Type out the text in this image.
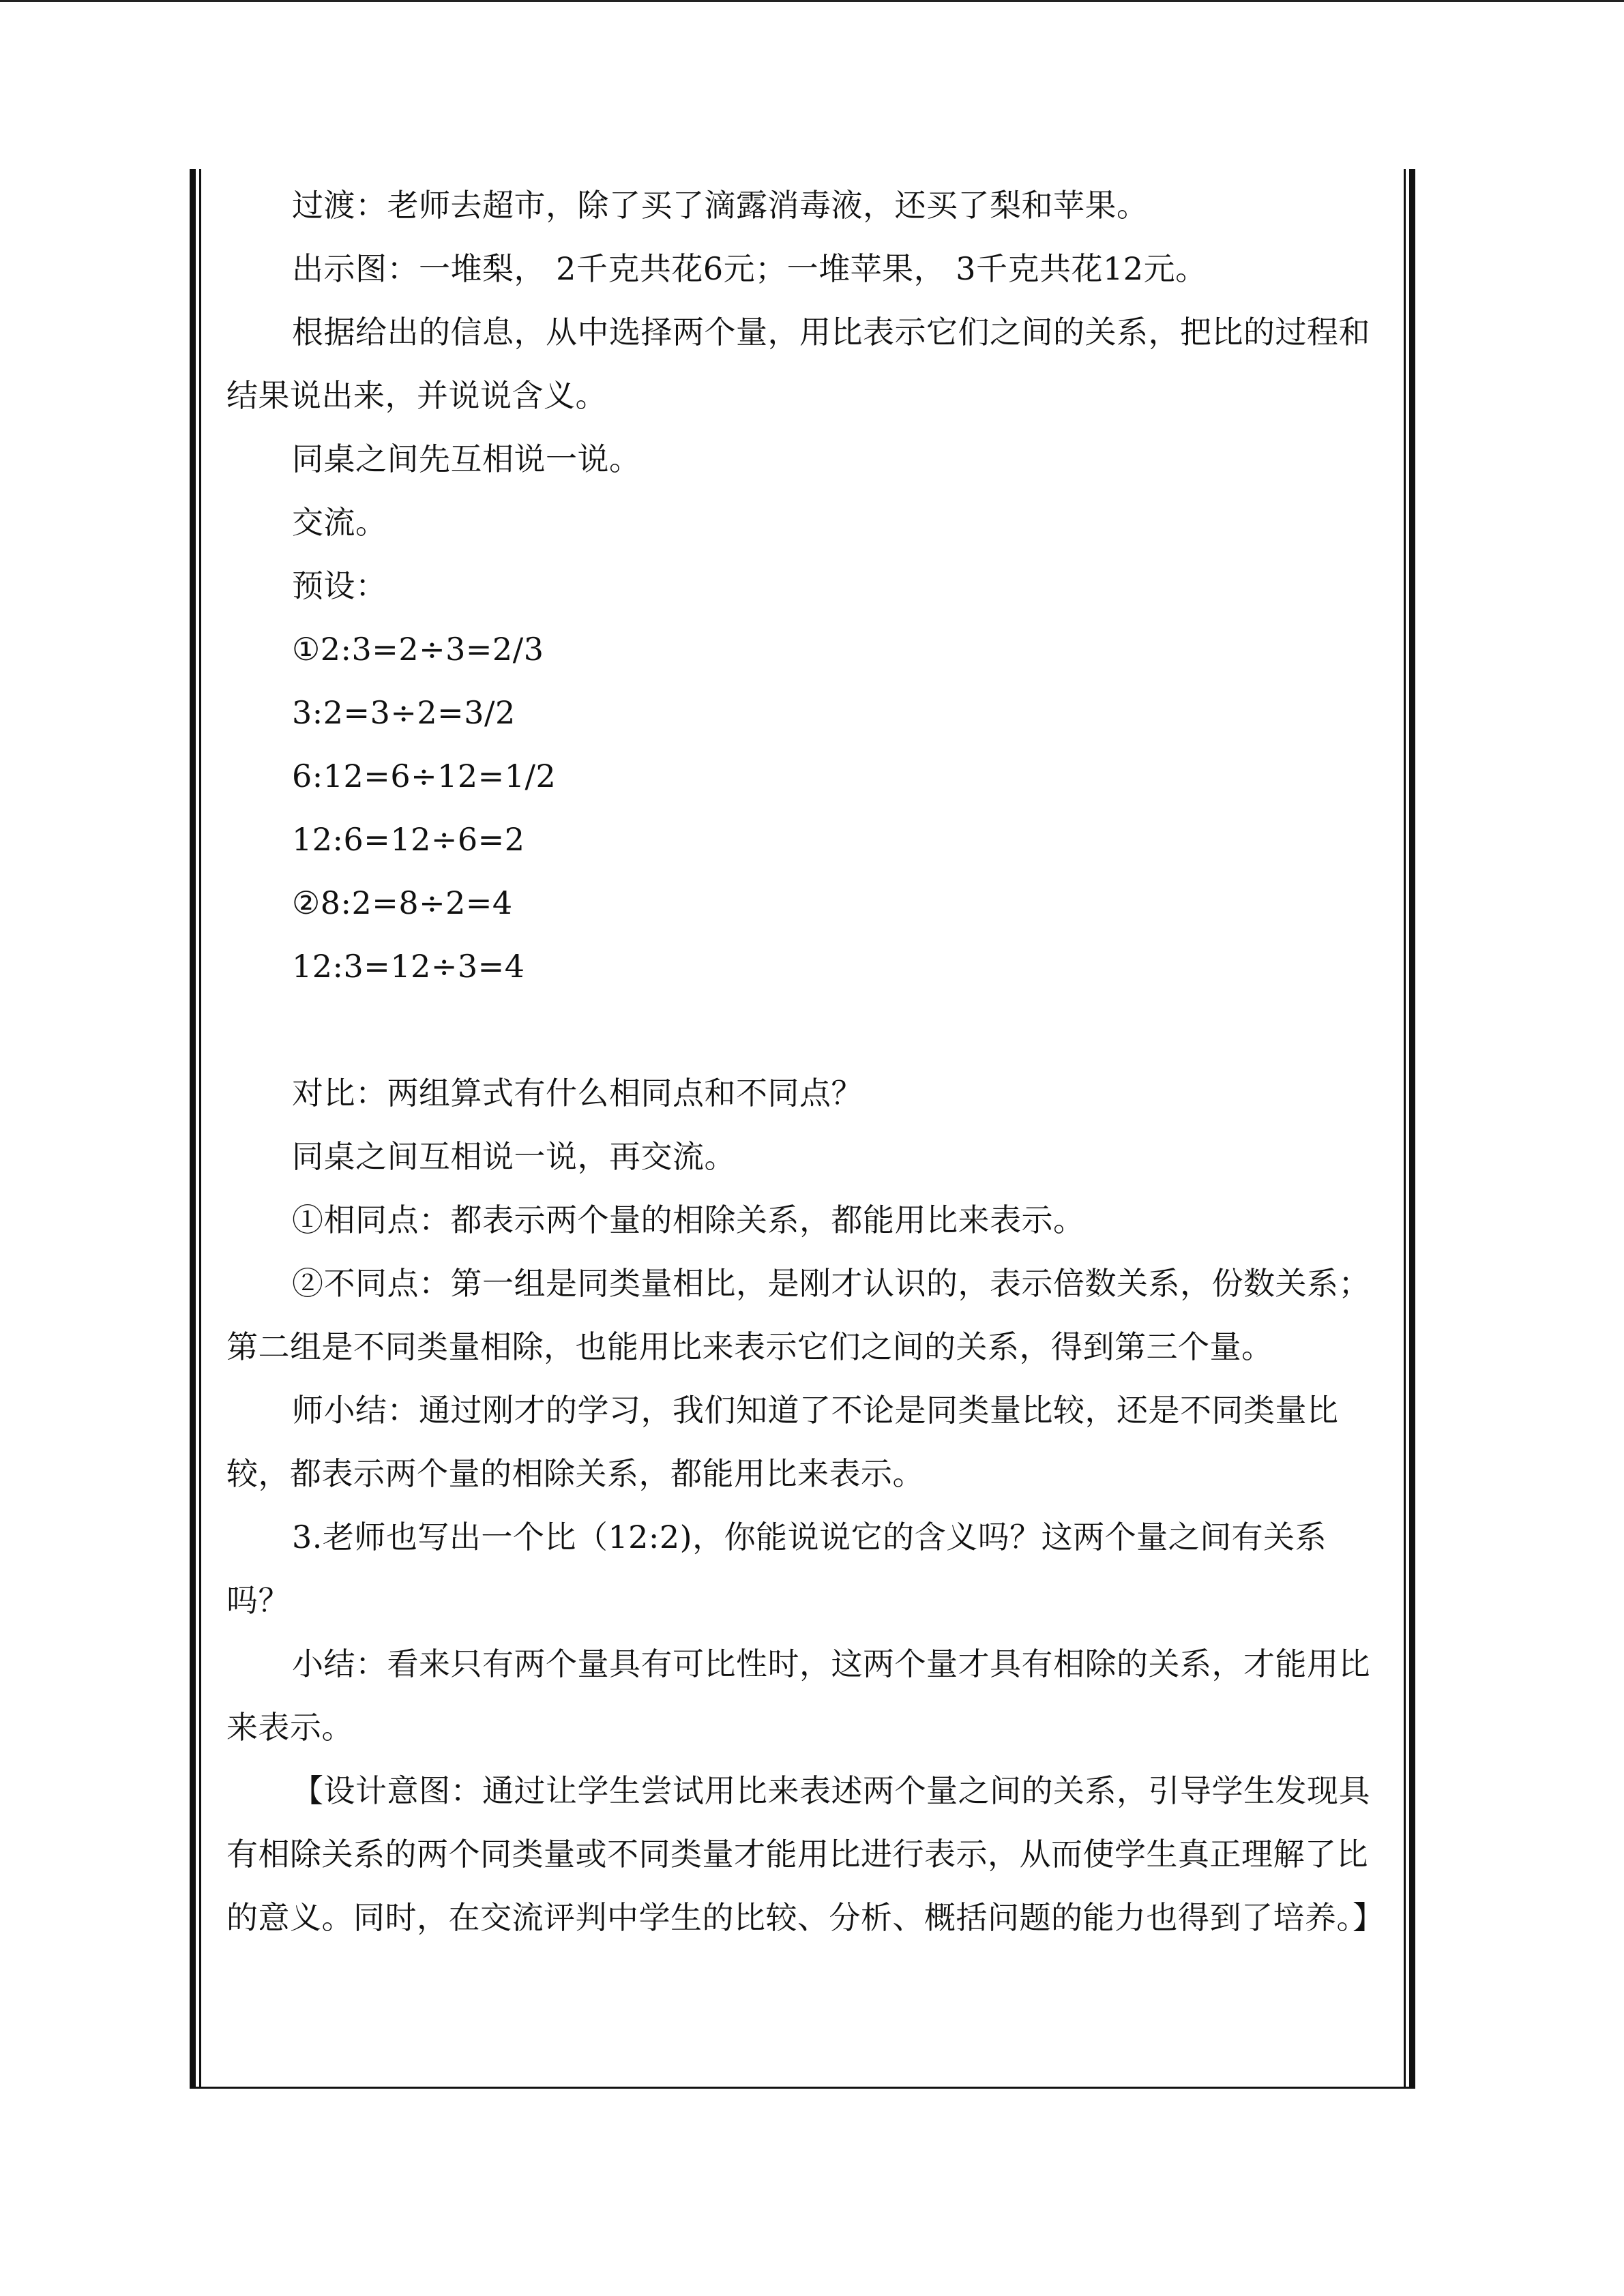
过渡：老师去超市，除了买了滴露消毒液，还买了梨和苹果。

出示图：一堆梨， 2千克共花6元；一堆苹果， 3千克共花12元。

根据给出的信息，从中选择两个量，用比表示它们之间的关系，把比的过程和结果说出来，并说说含义。

同桌之间先互相说一说。

交流。

预设：

①2:3=2÷3=2/3

3:2=3÷2=3/2

6:12=6÷12=1/2

12:6=12÷6=2

②8:2=8÷2=4

12:3=12÷3=4

对比：两组算式有什么相同点和不同点？

同桌之间互相说一说，再交流。

①相同点：都表示两个量的相除关系，都能用比来表示。

②不同点：第一组是同类量相比，是刚才认识的，表示倍数关系，份数关系；第二组是不同类量相除，也能用比来表示它们之间的关系，得到第三个量。

师小结：通过刚才的学习，我们知道了不论是同类量比较，还是不同类量比较，都表示两个量的相除关系，都能用比来表示。

3.老师也写出一个比（12:2)，你能说说它的含义吗？这两个量之间有关系吗？

小结：看来只有两个量具有可比性时，这两个量才具有相除的关系，才能用比来表示。

【设计意图：通过让学生尝试用比来表述两个量之间的关系，引导学生发现具有相除关系的两个同类量或不同类量才能用比进行表示，从而使学生真正理解了比的意义。同时，在交流评判中学生的比较、分析、概括问题的能力也得到了培养。】
